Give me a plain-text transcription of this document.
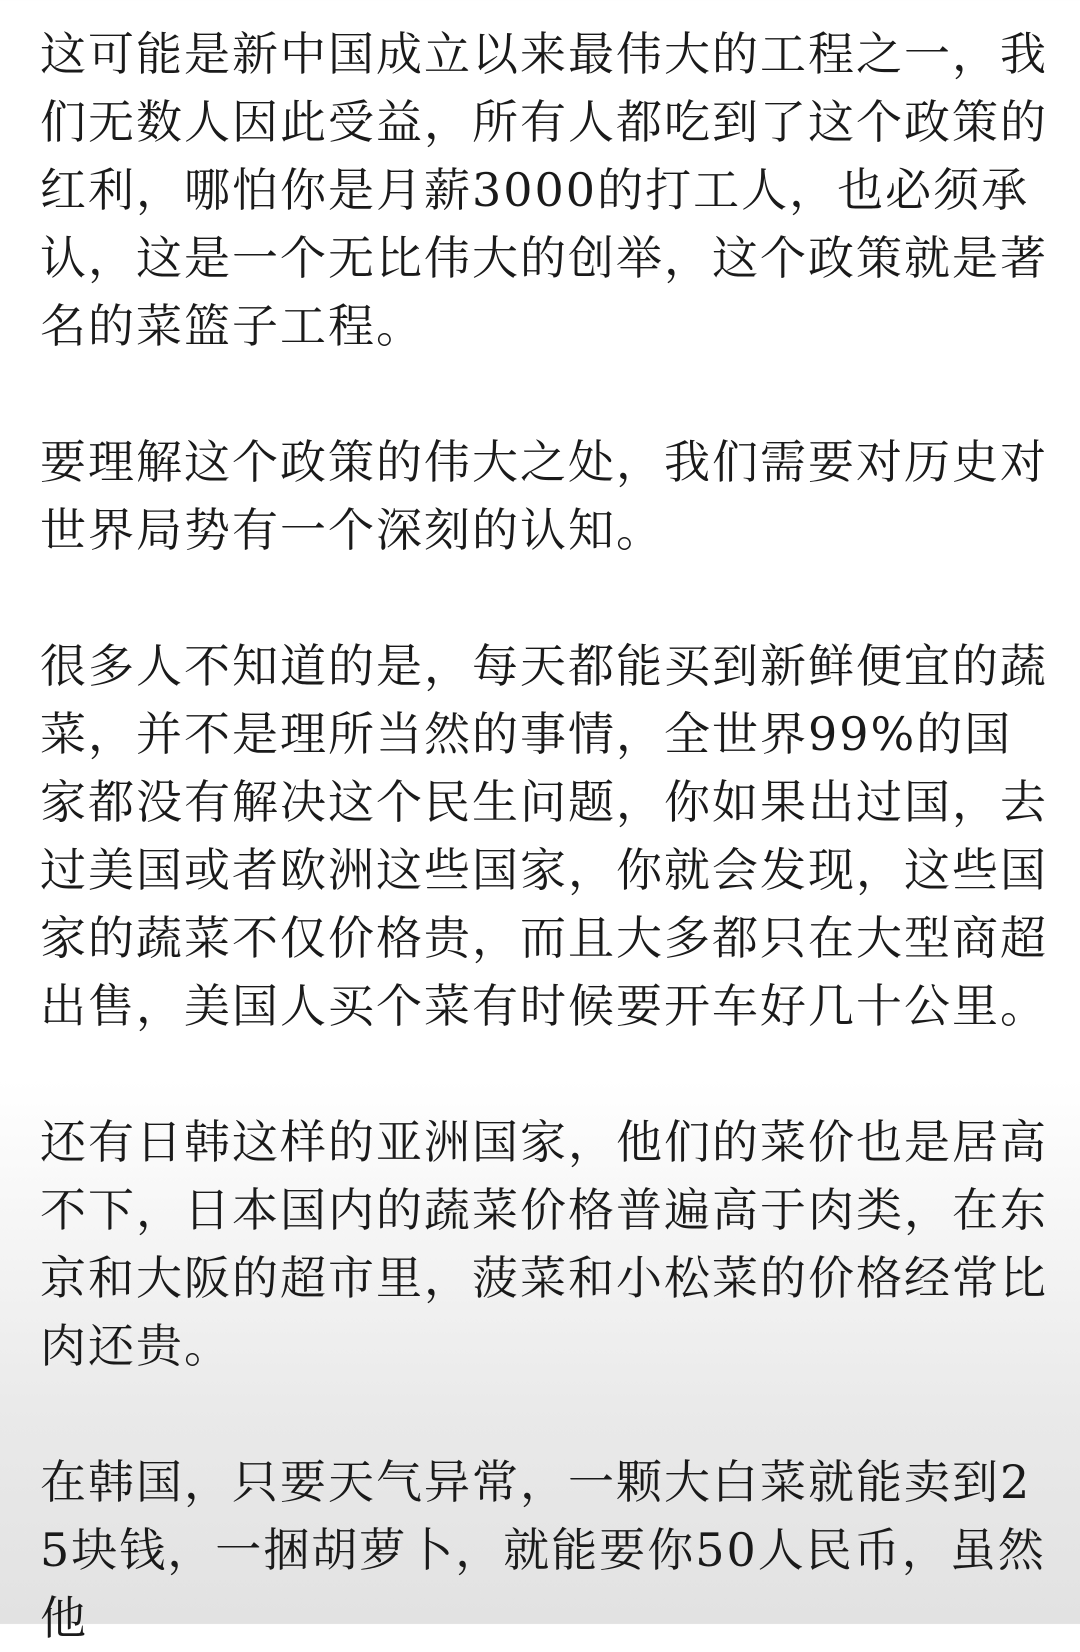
这可能是新中国成立以来最伟大的工程之一，我们无数人因此受益，所有人都吃到了这个政策的红利，哪怕你是月薪3000的打工人，也必须承认，这是一个无比伟大的创举，这个政策就是著名的菜篮子工程。

要理解这个政策的伟大之处，我们需要对历史对世界局势有一个深刻的认知。

很多人不知道的是，每天都能买到新鲜便宜的蔬菜，并不是理所当然的事情，全世界99%的国家都没有解决这个民生问题，你如果出过国，去过美国或者欧洲这些国家，你就会发现，这些国家的蔬菜不仅价格贵，而且大多都只在大型商超出售，美国人买个菜有时候要开车好几十公里。

还有日韩这样的亚洲国家，他们的菜价也是居高不下，日本国内的蔬菜价格普遍高于肉类，在东京和大阪的超市里，菠菜和小松菜的价格经常比肉还贵。

在韩国，只要天气异常，一颗大白菜就能卖到25块钱，一捆胡萝卜，就能要你50人民币，虽然他
